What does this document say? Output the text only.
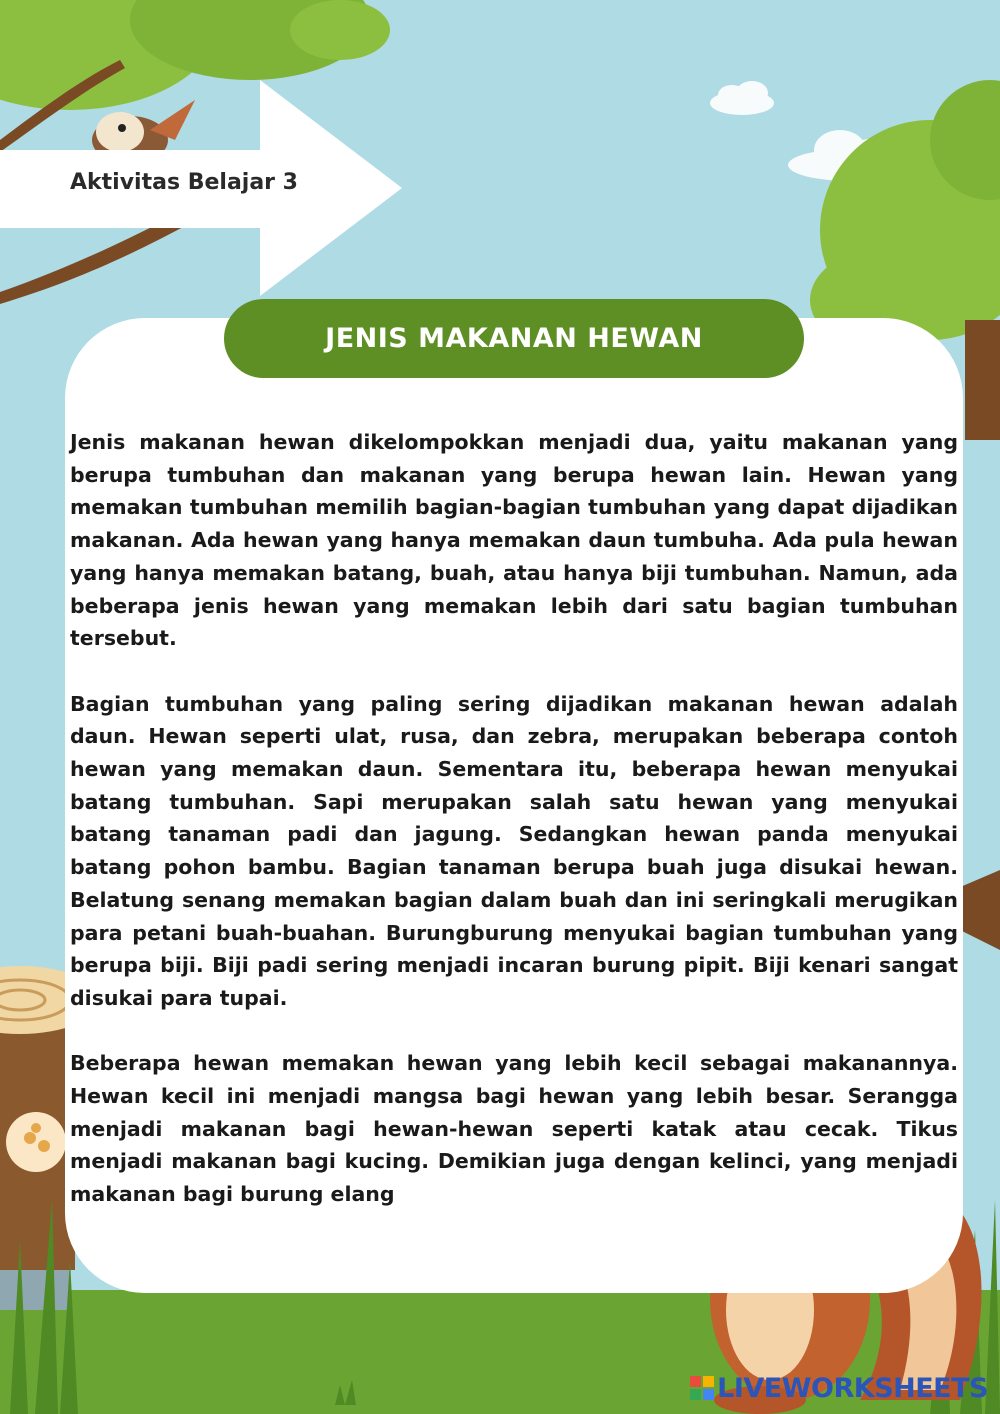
Aktivitas Belajar 3
JENIS MAKANAN HEWAN

Jenis makanan hewan dikelompokkan menjadi dua, yaitu makanan yang berupa tumbuhan dan makanan yang berupa hewan lain. Hewan yang memakan tumbuhan memilih bagian-bagian tumbuhan yang dapat dijadikan makanan. Ada hewan yang hanya memakan daun tumbuha. Ada pula hewan yang hanya memakan batang, buah, atau hanya biji tumbuhan. Namun, ada beberapa jenis hewan yang memakan lebih dari satu bagian tumbuhan tersebut.

Bagian tumbuhan yang paling sering dijadikan makanan hewan adalah daun. Hewan seperti ulat, rusa, dan zebra, merupakan beberapa contoh hewan yang memakan daun. Sementara itu, beberapa hewan menyukai batang tumbuhan. Sapi merupakan salah satu hewan yang menyukai batang tanaman padi dan jagung. Sedangkan hewan panda menyukai batang pohon bambu. Bagian tanaman berupa buah juga disukai hewan. Belatung senang memakan bagian dalam buah dan ini seringkali merugikan para petani buah-buahan. Burungburung menyukai bagian tumbuhan yang berupa biji. Biji padi sering menjadi incaran burung pipit. Biji kenari sangat disukai para tupai.

Beberapa hewan memakan hewan yang lebih kecil sebagai makanannya. Hewan kecil ini menjadi mangsa bagi hewan yang lebih besar. Serangga menjadi makanan bagi hewan-hewan seperti katak atau cecak. Tikus menjadi makanan bagi kucing. Demikian juga dengan kelinci, yang menjadi makanan bagi burung elang

LIVEWORKSHEETS
